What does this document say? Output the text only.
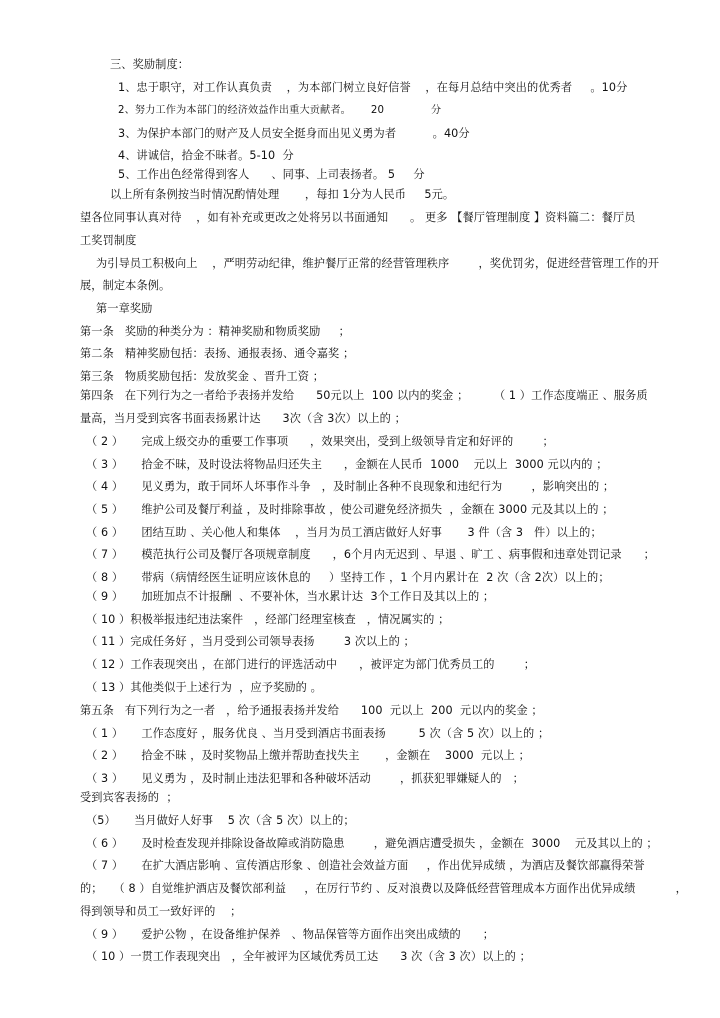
三、奖励制度：
1、忠于职守，对工作认真负责    ，为本部门树立良好信誉    ，在每月总结中突出的优秀者     。10分
2、努力工作为本部门的经济效益作出重大贡献者。      20              分
3、为保护本部门的财产及人员安全挺身而出见义勇为者          。40分
4、讲诚信，拾金不昧者。5-10  分
5、工作出色经常得到客人      、同事、上司表扬者。 5     分
以上所有条例按当时情况酌情处理       ，每扣 1分为人民币     5元。
望各位同事认真对待    ，如有补充或更改之处将另以书面通知      。 更多 【餐厅管理制度 】资料篇二：餐厅员
工奖罚制度
为引导员工积极向上    ，严明劳动纪律，维护餐厅正常的经营管理秩序        ，奖优罚劣，促进经营管理工作的开
展，制定本条例。
第一章奖励
第一条   奖励的种类分为 ：精神奖励和物质奖励     ；
第二条   精神奖励包括：表扬、通报表扬、通令嘉奖 ；
第三条   物质奖励包括：发放奖金 、晋升工资 ；
第四条   在下列行为之一者给予表扬并发给      50元以上  100 以内的奖金 ；       （ 1 ）工作态度端正 、服务质
量高，当月受到宾客书面表扬累计达      3次（含 3次）以上的 ；
（ 2 ）     完成上级交办的重要工作事项      ，效果突出，受到上级领导肯定和好评的        ；
（ 3 ）     拾金不昧，及时设法将物品归还失主      ，金额在人民币  1000    元以上  3000 元以内的 ；
（ 4 ）     见义勇为，敢于同坏人坏事作斗争   ，及时制止各种不良现象和违纪行为        ，影响突出的 ；
（ 5 ）     维护公司及餐厅利益 ，及时排除事故 ，使公司避免经济损失  ，金额在 3000 元及其以上的 ；
（ 6 ）     团结互助 、关心他人和集体    ，当月为员工酒店做好人好事       3 件（含 3   件）以上的；
（ 7 ）     模范执行公司及餐厅各项规章制度      ，6个月内无迟到 、早退 、旷工 、病事假和违章处罚记录      ；
（ 8 ）     带病（病情经医生证明应该休息的     ）坚持工作 ，1 个月内累计在  2 次（含 2次）以上的；
（ 9 ）     加班加点不计报酬  、不要补休，当水累计达  3个工作日及其以上的 ；
（ 10 ）积极举报违纪违法案件   ，经部门经理室核查   ，情况属实的 ；
（ 11 ）完成任务好 ，当月受到公司领导表扬        3 次以上的 ；
（ 12 ）工作表现突出 ，在部门进行的评选活动中      ，被评定为部门优秀员工的        ；
（ 13 ）其他类似于上述行为  ，应予奖励的 。
第五条   有下列行为之一者   ，给予通报表扬并发给      100  元以上  200  元以内的奖金 ；
（ 1 ）     工作态度好 ，服务优良 、当月受到酒店书面表扬         5 次（含 5 次）以上的 ；
（ 2 ）     拾金不昧 ，及时奖物品上缴并帮助查找失主       ，金额在    3000  元以上 ；
（ 3 ）     见义勇为 ，及时制止违法犯罪和各种破坏活动        ，抓获犯罪嫌疑人的   ；
受到宾客表扬的  ；
（5）     当月做好人好事    5 次（含 5 次）以上的；
（ 6 ）     及时检查发现并排除设备故障或消防隐患        ，避免酒店遭受损失 ，金额在  3000    元及其以上的 ；
（ 7 ）     在扩大酒店影响 、宣传酒店形象 、创造社会效益方面     ，作出优异成绩 ，为酒店及餐饮部赢得荣誉
的；   （ 8 ）自觉维护酒店及餐饮部利益     ，在厉行节约 、反对浪费以及降低经营管理成本方面作出优异成绩           ，
得到领导和员工一致好评的    ；
（ 9 ）     爱护公物 ，在设备维护保养   、物品保管等方面作出突出成绩的      ；
（ 10 ）一贯工作表现突出   ，全年被评为区域优秀员工达      3 次（含 3 次）以上的 ；
